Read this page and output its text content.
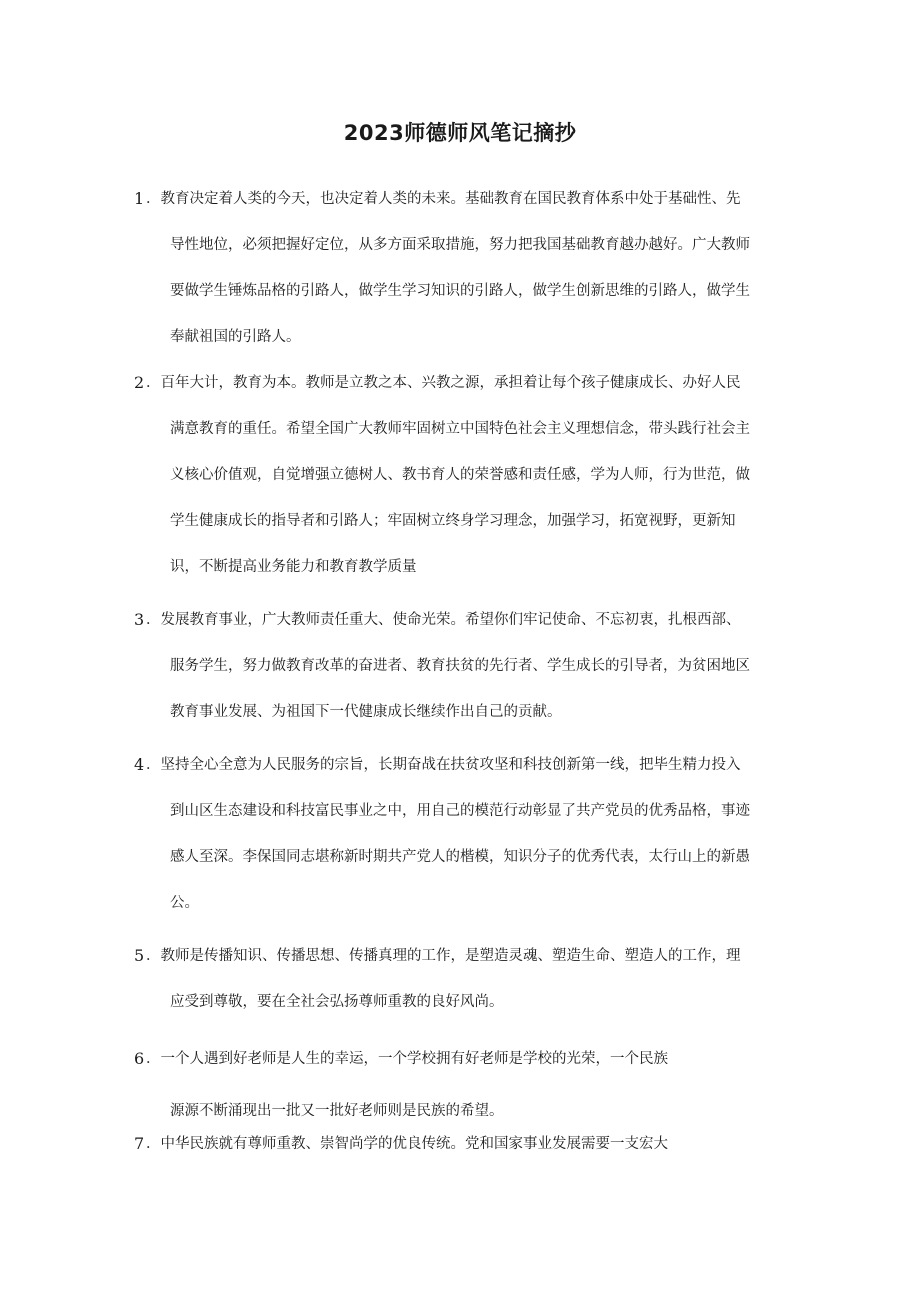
2023师德师风笔记摘抄
1 ．教育决定着人类的今天，也决定着人类的未来。基础教育在国民教育体系中处于基础性、先
导性地位，必须把握好定位，从多方面采取措施，努力把我国基础教育越办越好。广大教师
要做学生锤炼品格的引路人，做学生学习知识的引路人，做学生创新思维的引路人，做学生
奉献祖国的引路人。
2 ．百年大计，教育为本。教师是立教之本、兴教之源，承担着让每个孩子健康成长、办好人民
满意教育的重任。希望全国广大教师牢固树立中国特色社会主义理想信念，带头践行社会主
义核心价值观，自觉增强立德树人、教书育人的荣誉感和责任感，学为人师，行为世范，做
学生健康成长的指导者和引路人；牢固树立终身学习理念，加强学习，拓宽视野，更新知
识，不断提高业务能力和教育教学质量
3 ．发展教育事业，广大教师责任重大、使命光荣。希望你们牢记使命、不忘初衷，扎根西部、
服务学生，努力做教育改革的奋进者、教育扶贫的先行者、学生成长的引导者，为贫困地区
教育事业发展、为祖国下一代健康成长继续作出自己的贡献。
4 ．坚持全心全意为人民服务的宗旨，长期奋战在扶贫攻坚和科技创新第一线，把毕生精力投入
到山区生态建设和科技富民事业之中，用自己的模范行动彰显了共产党员的优秀品格，事迹
感人至深。李保国同志堪称新时期共产党人的楷模，知识分子的优秀代表，太行山上的新愚
公。
5 ．教师是传播知识、传播思想、传播真理的工作，是塑造灵魂、塑造生命、塑造人的工作，理
应受到尊敬，要在全社会弘扬尊师重教的良好风尚。
6 ．一个人遇到好老师是人生的幸运，一个学校拥有好老师是学校的光荣，一个民族
源源不断涌现出一批又一批好老师则是民族的希望。
7 ．中华民族就有尊师重教、崇智尚学的优良传统。党和国家事业发展需要一支宏大
